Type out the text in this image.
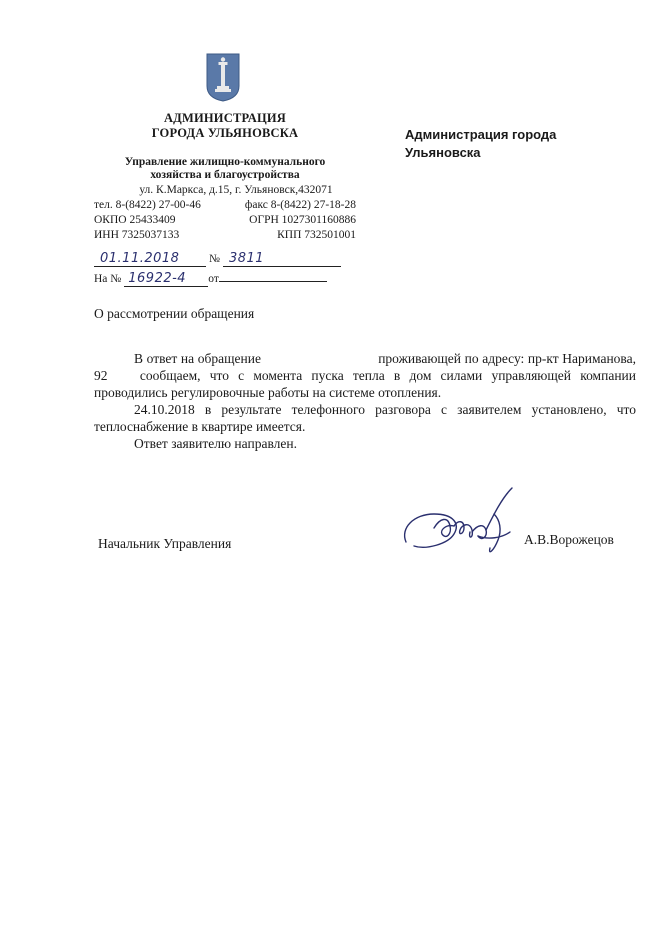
АДМИНИСТРАЦИЯ
ГОРОДА УЛЬЯНОВСКА
Управление жилищно-коммунального
хозяйства и благоустройства
ул. К.Маркса, д.15, г. Ульяновск,432071
тел. 8-(8422) 27-00-46	факс 8-(8422) 27-18-28
ОКПО 25433409	ОГРН 1027301160886
ИНН 7325037133	КПП 732501001
Администрация города
Ульяновска
01.11.2018	№ 3811
На № 16922-4 от
О рассмотрении обращения

В ответ на обращение	проживающей по адресу: пр-кт Нариманова, 92 сообщаем, что с момента пуска тепла в дом силами управляющей компании проводились регулировочные работы на системе отопления.

24.10.2018 в результате телефонного разговора с заявителем установлено, что теплоснабжение в квартире имеется.

Ответ заявителю направлен.

Начальник Управления	А.В.Ворожецов
